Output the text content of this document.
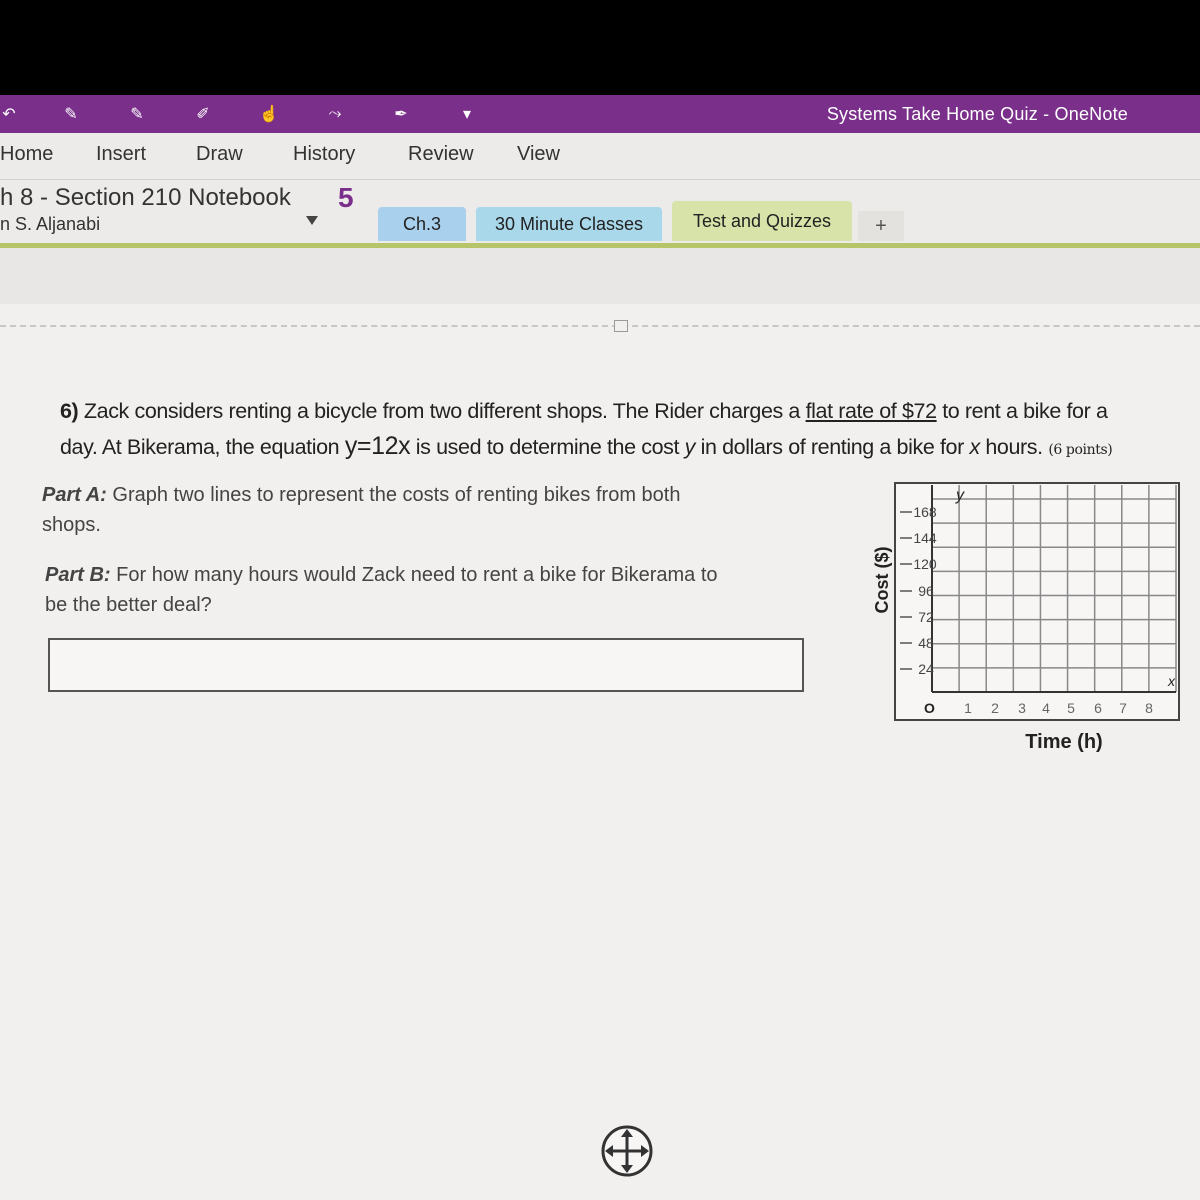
↶	✎	✎	✐	☝	⤳	✒	▾	Systems Take Home Quiz - OneNote
Home Insert Draw	History	Review View
h 8 - Section 210 Notebook
n S. Aljanabi
5
Ch.3	30 Minute Classes	Test and Quizzes	+
6) Zack considers renting a bicycle from two different shops. The Rider charges a flat rate of $72 to rent a bike for a day. At Bikerama, the equation y=12x is used to determine the cost y in dollars of renting a bike for x hours. (6 points)
Part A: Graph two lines to represent the costs of renting bikes from both shops.
Part B: For how many hours would Zack need to rent a bike for Bikerama to be the better deal?	Cost ($)
Time (h)
y
x
O
168
144
120
96
72
48
24
1 2 3 4 5 6 7 8
